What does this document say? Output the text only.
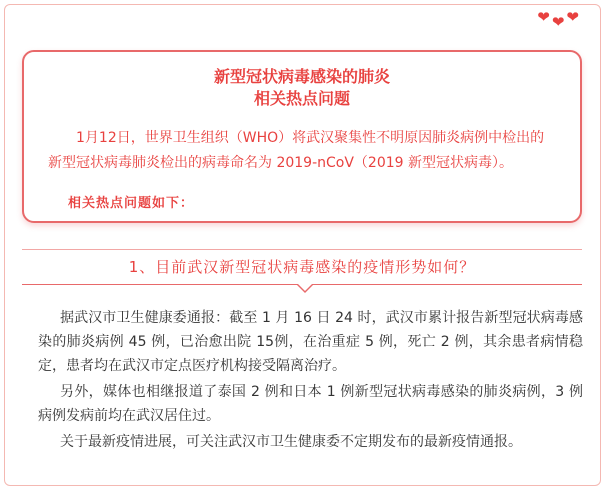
❤ ❤ ❤
新型冠状病毒感染的肺炎
相关热点问题
1月12日，世界卫生组织（WHO）将武汉聚集性不明原因肺炎病例中检出的新型冠状病毒肺炎检出的病毒命名为 2019-nCoV（2019 新型冠状病毒）。
相关热点问题如下：
1、目前武汉新型冠状病毒感染的疫情形势如何？
据武汉市卫生健康委通报：截至 1 月 16 日 24 时，武汉市累计报告新型冠状病毒感染的肺炎病例 45 例，已治愈出院 15例，在治重症 5 例，死亡 2 例，其余患者病情稳定，患者均在武汉市定点医疗机构接受隔离治疗。
另外，媒体也相继报道了泰国 2 例和日本 1 例新型冠状病毒感染的肺炎病例，3 例病例发病前均在武汉居住过。
关于最新疫情进展，可关注武汉市卫生健康委不定期发布的最新疫情通报。
